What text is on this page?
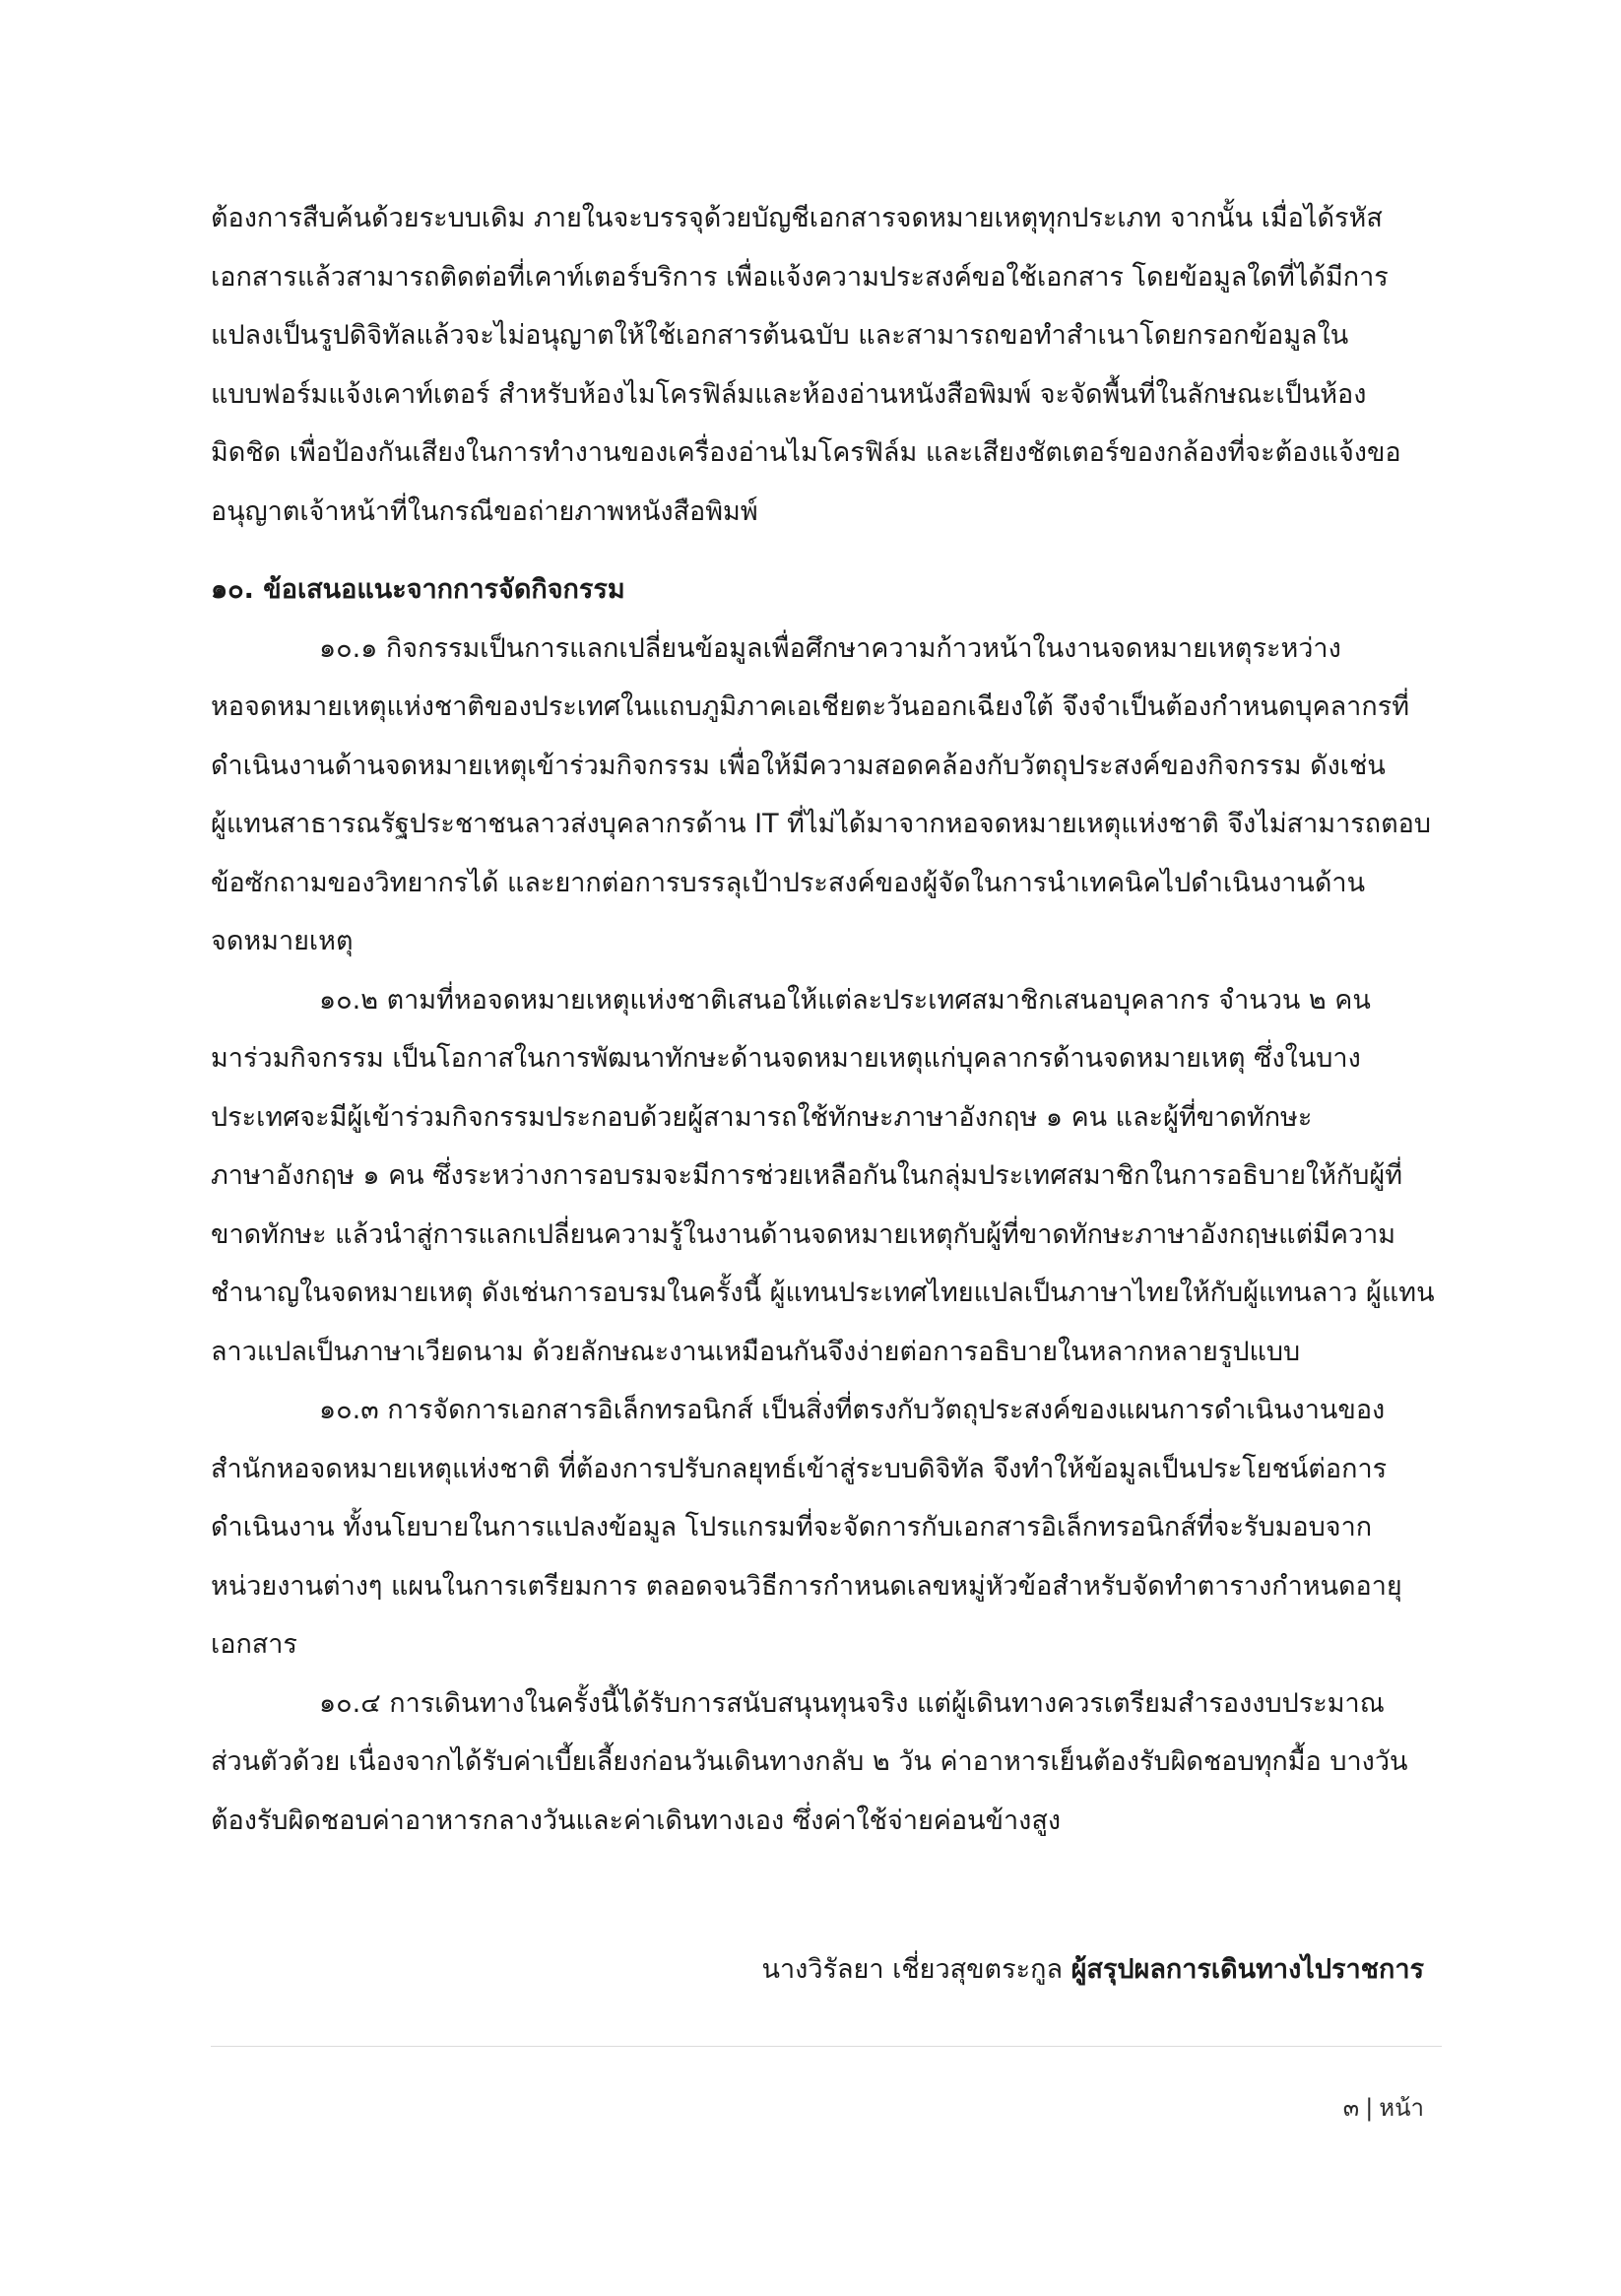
ต้องการสืบค้นด้วยระบบเดิม ภายในจะบรรจุด้วยบัญชีเอกสารจดหมายเหตุทุกประเภท จากนั้น เมื่อได้รหัส
เอกสารแล้วสามารถติดต่อที่เคาท์เตอร์บริการ เพื่อแจ้งความประสงค์ขอใช้เอกสาร โดยข้อมูลใดที่ได้มีการ
แปลงเป็นรูปดิจิทัลแล้วจะไม่อนุญาตให้ใช้เอกสารต้นฉบับ และสามารถขอทำสำเนาโดยกรอกข้อมูลใน
แบบฟอร์มแจ้งเคาท์เตอร์ สำหรับห้องไมโครฟิล์มและห้องอ่านหนังสือพิมพ์ จะจัดพื้นที่ในลักษณะเป็นห้อง
มิดชิด เพื่อป้องกันเสียงในการทำงานของเครื่องอ่านไมโครฟิล์ม และเสียงชัตเตอร์ของกล้องที่จะต้องแจ้งขอ
อนุญาตเจ้าหน้าที่ในกรณีขอถ่ายภาพหนังสือพิมพ์
๑๐. ข้อเสนอแนะจากการจัดกิจกรรม
๑๐.๑ กิจกรรมเป็นการแลกเปลี่ยนข้อมูลเพื่อศึกษาความก้าวหน้าในงานจดหมายเหตุระหว่าง
หอจดหมายเหตุแห่งชาติของประเทศในแถบภูมิภาคเอเชียตะวันออกเฉียงใต้ จึงจำเป็นต้องกำหนดบุคลากรที่
ดำเนินงานด้านจดหมายเหตุเข้าร่วมกิจกรรม เพื่อให้มีความสอดคล้องกับวัตถุประสงค์ของกิจกรรม ดังเช่น
ผู้แทนสาธารณรัฐประชาชนลาวส่งบุคลากรด้าน IT ที่ไม่ได้มาจากหอจดหมายเหตุแห่งชาติ จึงไม่สามารถตอบ
ข้อซักถามของวิทยากรได้ และยากต่อการบรรลุเป้าประสงค์ของผู้จัดในการนำเทคนิคไปดำเนินงานด้าน
จดหมายเหตุ
๑๐.๒ ตามที่หอจดหมายเหตุแห่งชาติเสนอให้แต่ละประเทศสมาชิกเสนอบุคลากร จำนวน ๒ คน
มาร่วมกิจกรรม เป็นโอกาสในการพัฒนาทักษะด้านจดหมายเหตุแก่บุคลากรด้านจดหมายเหตุ ซึ่งในบาง
ประเทศจะมีผู้เข้าร่วมกิจกรรมประกอบด้วยผู้สามารถใช้ทักษะภาษาอังกฤษ ๑ คน และผู้ที่ขาดทักษะ
ภาษาอังกฤษ ๑ คน ซึ่งระหว่างการอบรมจะมีการช่วยเหลือกันในกลุ่มประเทศสมาชิกในการอธิบายให้กับผู้ที่
ขาดทักษะ แล้วนำสู่การแลกเปลี่ยนความรู้ในงานด้านจดหมายเหตุกับผู้ที่ขาดทักษะภาษาอังกฤษแต่มีความ
ชำนาญในจดหมายเหตุ ดังเช่นการอบรมในครั้งนี้ ผู้แทนประเทศไทยแปลเป็นภาษาไทยให้กับผู้แทนลาว ผู้แทน
ลาวแปลเป็นภาษาเวียดนาม ด้วยลักษณะงานเหมือนกันจึงง่ายต่อการอธิบายในหลากหลายรูปแบบ
๑๐.๓ การจัดการเอกสารอิเล็กทรอนิกส์ เป็นสิ่งที่ตรงกับวัตถุประสงค์ของแผนการดำเนินงานของ
สำนักหอจดหมายเหตุแห่งชาติ ที่ต้องการปรับกลยุทธ์เข้าสู่ระบบดิจิทัล จึงทำให้ข้อมูลเป็นประโยชน์ต่อการ
ดำเนินงาน ทั้งนโยบายในการแปลงข้อมูล โปรแกรมที่จะจัดการกับเอกสารอิเล็กทรอนิกส์ที่จะรับมอบจาก
หน่วยงานต่างๆ แผนในการเตรียมการ ตลอดจนวิธีการกำหนดเลขหมู่หัวข้อสำหรับจัดทำตารางกำหนดอายุ
เอกสาร
๑๐.๔ การเดินทางในครั้งนี้ได้รับการสนับสนุนทุนจริง แต่ผู้เดินทางควรเตรียมสำรองงบประมาณ
ส่วนตัวด้วย เนื่องจากได้รับค่าเบี้ยเลี้ยงก่อนวันเดินทางกลับ ๒ วัน ค่าอาหารเย็นต้องรับผิดชอบทุกมื้อ บางวัน
ต้องรับผิดชอบค่าอาหารกลางวันและค่าเดินทางเอง ซึ่งค่าใช้จ่ายค่อนข้างสูง
นางวิรัลยา เชี่ยวสุขตระกูล ผู้สรุปผลการเดินทางไปราชการ
๓ | หน้า
